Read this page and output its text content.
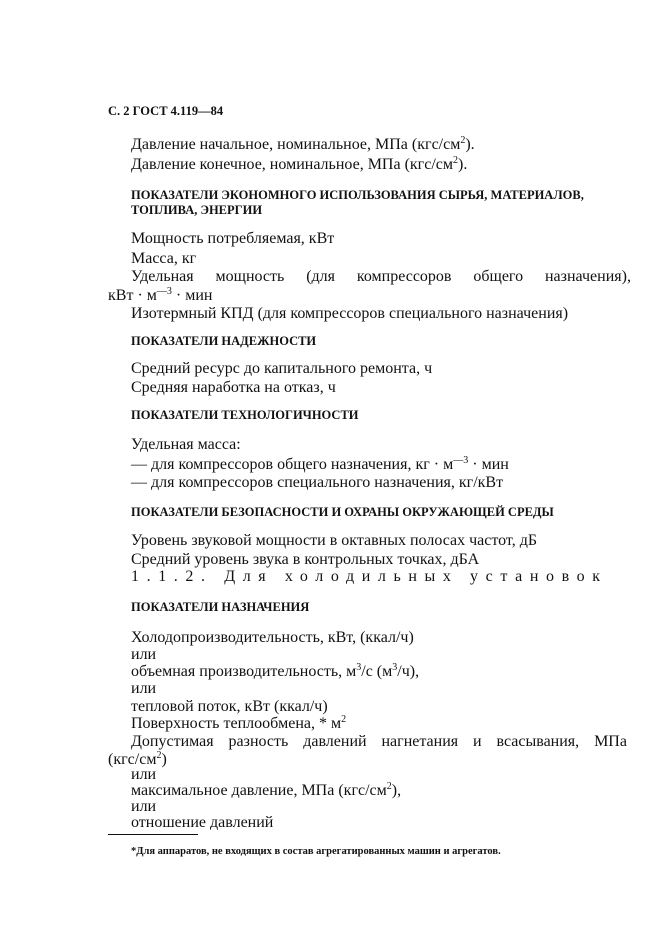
С. 2 ГОСТ 4.119—84
Давление начальное, номинальное, МПа $(кгс/см^2)$.
Давление конечное, номинальное, МПа $(кгс/см^2)$.
ПОКАЗАТЕЛИ ЭКОНОМНОГО ИСПОЛЬЗОВАНИЯ СЫРЬЯ, МАТЕРИАЛОВ, ТОПЛИВА, ЭНЕРГИИ
Мощность потребляемая, кВт
Масса, кг
Удельная мощность (для компрессоров общего назначения),
кВт · $м^{—3}$ · мин
Изотермный КПД (для компрессоров специального назначения)
ПОКАЗАТЕЛИ НАДЕЖНОСТИ
Средний ресурс до капитального ремонта, ч
Средняя наработка на отказ, ч
ПОКАЗАТЕЛИ ТЕХНОЛОГИЧНОСТИ
Удельная масса:
— для компрессоров общего назначения, кг · $м^{—3}$ · мин
— для компрессоров специального назначения, кг/кВт
ПОКАЗАТЕЛИ БЕЗОПАСНОСТИ И ОХРАНЫ ОКРУЖАЮЩЕЙ СРЕДЫ
Уровень звуковой мощности в октавных полосах частот, дБ
Средний уровень звука в контрольных точках, дБА
1.1.2. Для холодильных установок
ПОКАЗАТЕЛИ НАЗНАЧЕНИЯ
Холодопроизводительность, кВт, (ккал/ч)
или
объемная производительность, $м^3/с$ $(м^3/ч)$,
или
тепловой поток, кВт (ккал/ч)
Поверхность теплообмена, * $м^2$
Допустимая разность давлений нагнетания и всасывания, МПа
$(кгс/см^2)$
или
максимальное давление, МПа $(кгс/см^2)$,
или
отношение давлений
*Для аппаратов, не входящих в состав агрегатированных машин и агрегатов.
